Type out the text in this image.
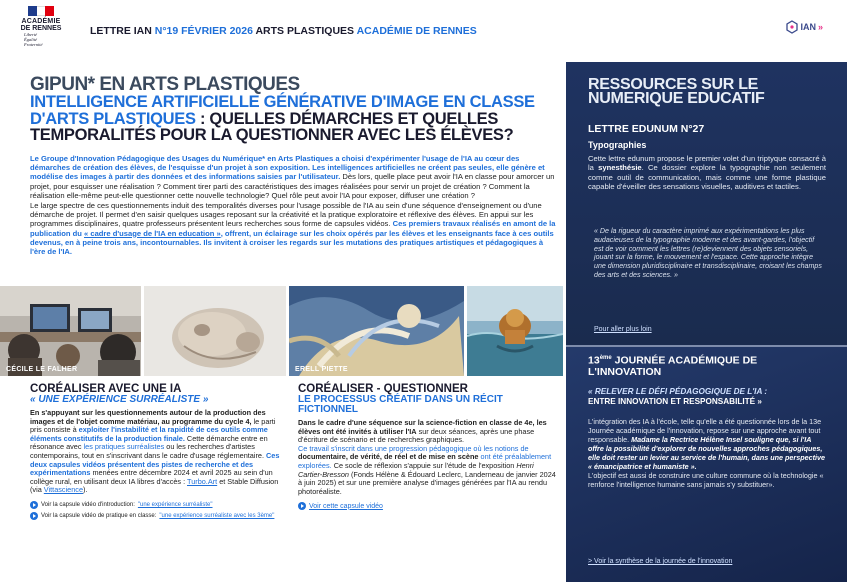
ACADÉMIE
DE RENNES
Liberté
Égalité
Fraternité
LETTRE IAN N°19 FÉVRIER 2026 ARTS PLASTIQUES ACADÉMIE DE RENNES	IAN »
GIPUN* EN ARTS PLASTIQUES
INTELLIGENCE ARTIFICIELLE GÉNÉRATIVE D'IMAGE EN CLASSE D'ARTS PLASTIQUES : QUELLES DÉMARCHES ET QUELLES TEMPORALITÉS POUR LA QUESTIONNER AVEC LES ÉLÈVES?

Le Groupe d'Innovation Pédagogique des Usages du Numérique* en Arts Plastiques a choisi d'expérimenter l'usage de l'IA au cœur des démarches de création des élèves, de l'esquisse d'un projet à son exposition. Les intelligences artificielles ne créent pas seules, elle génère et modélise des images à partir des données et des informations saisies par l'utilisateur. Dès lors, quelle place peut avoir l'IA en classe pour amorcer un projet, pour esquisser une réalisation ? Comment tirer parti des caractéristiques des images réalisées pour servir un projet de création ? Comment la réalisation elle-même peut-elle questionner cette nouvelle technologie? Quel rôle peut avoir l'IA pour exposer, diffuser une création ?

Le large spectre de ces questionnements induit des temporalités diverses pour l'usage possible de l'IA au sein d'une séquence d'enseignement ou d'une démarche de projet. Il permet d'en saisir quelques usages reposant sur la créativité et la pratique exploratoire et réflexive des élèves. En appui sur les programmes disciplinaires, quatre professeurs présentent leurs recherches sous forme de capsules vidéos. Ces premiers travaux réalisés en amont de la publication du « cadre d'usage de l'IA en education », offrent, un éclairage sur les choix opérés par les élèves et les enseignants face à ces outils devenus, en à peine trois ans, incontournables. Ils invitent à croiser les regards sur les mutations des pratiques artistiques et pédagogiques à l'ère de l'IA.

CÉCILE LE FALHER	ERELL PIETTE
CORÉALISER AVEC UNE IA
« UNE EXPÉRIENCE SURRÉALISTE »
En s'appuyant sur les questionnements autour de la production des images et de l'objet comme matériau, au programme du cycle 4, le parti pris consiste à exploiter l'instabilité et la rapidité de ces outils comme éléments constitutifs de la production finale. Cette démarche entre en résonance avec les pratiques surréalistes ou les recherches d'artistes contemporains, tout en s'inscrivant dans le cadre d'usage réglementaire. Ces deux capsules vidéos présentent des pistes de recherche et des expérimentations menées entre décembre 2024 et avril 2025 au sein d'un collège rural, en utilisant deux IA libres d'accès : Turbo.Art et Stable Diffusion (via Vittascience).
Voir la capsule vidéo d'introduction: "une expérience surréaliste"
Voir la capsule vidéo de pratique en classe: "une expérience surréaliste avec les 3ème"
CORÉALISER - QUESTIONNER
LE PROCESSUS CRÉATIF DANS UN RÉCIT FICTIONNEL
Dans le cadre d'une séquence sur la science-fiction en classe de 4e, les élèves ont été invités à utiliser l'IA sur deux séances, après une phase d'écriture de scénario et de recherches graphiques.
Ce travail s'inscrit dans une progression pédagogique où les notions de documentaire, de vérité, de réel et de mise en scène ont été préalablement explorées. Ce socle de réflexion s'appuie sur l'étude de l'exposition Henri Cartier-Bresson (Fonds Hélène & Édouard Leclerc, Landerneau de janvier 2024 à juin 2025) et sur une première analyse d'images générées par l'IA au rendu photoréaliste.
Voir cette capsule vidéo
RESSOURCES SUR LE
NUMERIQUE EDUCATIF
LETTRE EDUNUM N°27
Typographies
Cette lettre edunum propose le premier volet d'un triptyque consacré à la synesthésie. Ce dossier explore la typographie non seulement comme outil de communication, mais comme une forme plastique capable d'éveiller des sensations visuelles, auditives et tactiles.
« De la rigueur du caractère imprimé aux expérimentations les plus audacieuses de la typographie moderne et des avant-gardes, l'objectif est de voir comment les lettres (re)deviennent des objets sensoriels, jouant sur la forme, le mouvement et l'espace. Cette approche intègre une dimension pluridisciplinaire et transdisciplinaire, croisant les champs des arts et des sciences. »
Pour aller plus loin
13ème JOURNÉE ACADÉMIQUE DE L'INNOVATION
« RELEVER LE DÉFI PÉDAGOGIQUE DE L'IA :
ENTRE INNOVATION ET RESPONSABILITÉ »
L'intégration des IA à l'école, telle qu'elle a été questionnée lors de la 13e Journée académique de l'innovation, repose sur une approche avant tout responsable. Madame la Rectrice Hélène Insel souligne que, si l'IA offre la possibilité d'explorer de nouvelles approches pédagogiques, elle doit rester un levier au service de l'humain, dans une perspective « émancipatrice et humaniste ».
L'objectif est aussi de construire une culture commune où la technologie « renforce l'intelligence humaine sans jamais s'y substituer».
> Voir la synthèse de la journée de l'innovation
